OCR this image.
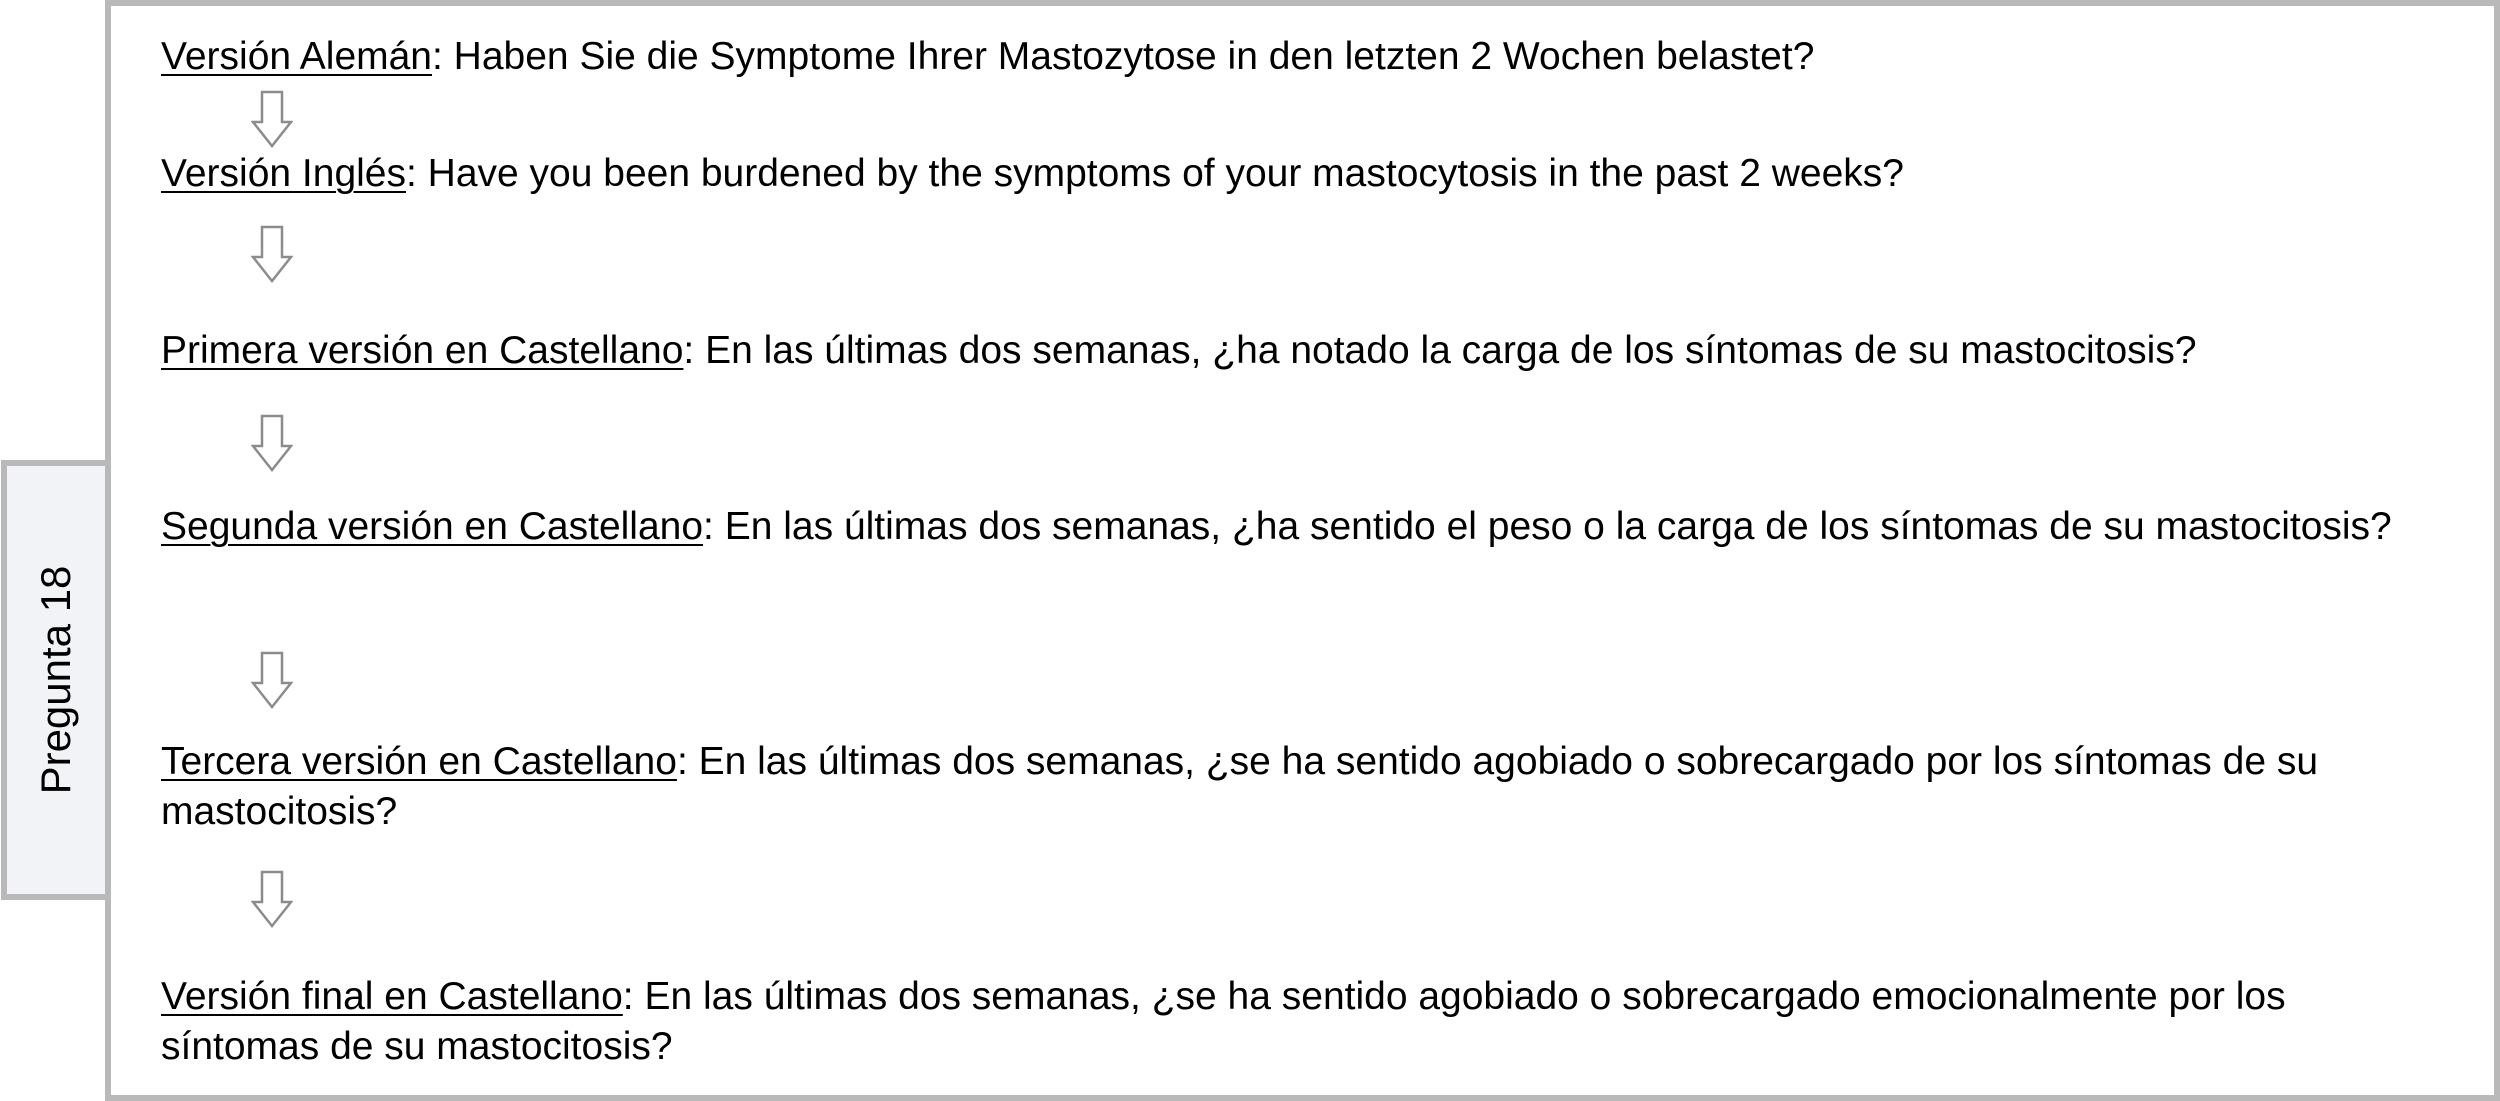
Pregunta 18
Versión Alemán: Haben Sie die Symptome Ihrer Mastozytose in den letzten 2 Wochen belastet?
Versión Inglés: Have you been burdened by the symptoms of your mastocytosis in the past 2 weeks?
Primera versión en Castellano: En las últimas dos semanas, ¿ha notado la carga de los síntomas de su mastocitosis?
Segunda versión en Castellano: En las últimas dos semanas, ¿ha sentido el peso o la carga de los síntomas de su mastocitosis?
Tercera versión en Castellano: En las últimas dos semanas, ¿se ha sentido agobiado o sobrecargado por los síntomas de su mastocitosis?
Versión final en Castellano: En las últimas dos semanas, ¿se ha sentido agobiado o sobrecargado emocionalmente por los síntomas de su mastocitosis?
